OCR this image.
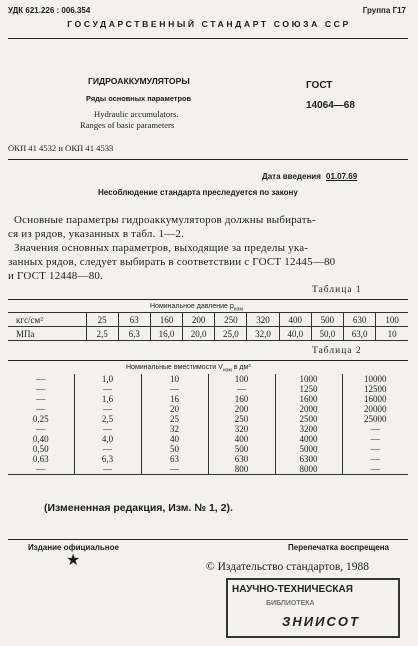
УДК 621.226 : 006.354	Группа Г17
ГОСУДАРСТВЕННЫЙ СТАНДАРТ СОЮЗА ССР
ГИДРОАККУМУЛЯТОРЫ
Ряды основных параметров
Hydraulic accumulators.
Ranges of basic parameters
ГОСТ
14064—68
ОКП 41 4532 и ОКП 41 4533
Дата введения 01.07.69
Несоблюдение стандарта преследуется по закону
Основные параметры гидроаккумуляторов должны выбирать-
ся из рядов, указанных в табл. 1—2.
Значения основных параметров, выходящие за пределы ука-
занных рядов, следует выбирать в соответствии с ГОСТ 12445—80
и ГОСТ 12448—80.
Таблица 1
Номинальное давление $p_{ном}$
кгс/см²	25	63	160	200	250	320	400	500	630	100
МПа	2,5	6,3	16,0	20,0	25,0	32,0	40,0	50,0	63,0	10
Таблица 2
Номинальные вместимости $V_{ном}$ в дм³
—	1,0	10	100	1000	10000
—	—	—	—	1250	12500
—	1,6	16	160	1600	16000
—	—	20	200	2000	20000
0,25	2,5	25	250	2500	25000
—	—	32	320	3200	—
0,40	4,0	40	400	4000	—
0,50	—	50	500	5000	—
0,63	6,3	63	630	6300	—
—	—	—	800	8000	—
(Измененная редакция, Изм. № 1, 2).
Издание официальное	Перепечатка воспрещена
★	© Издательство стандартов, 1988
НАУЧНО-ТЕХНИЧЕСКАЯ
БИБЛИОТЕКА
ЗНИИСОТ
